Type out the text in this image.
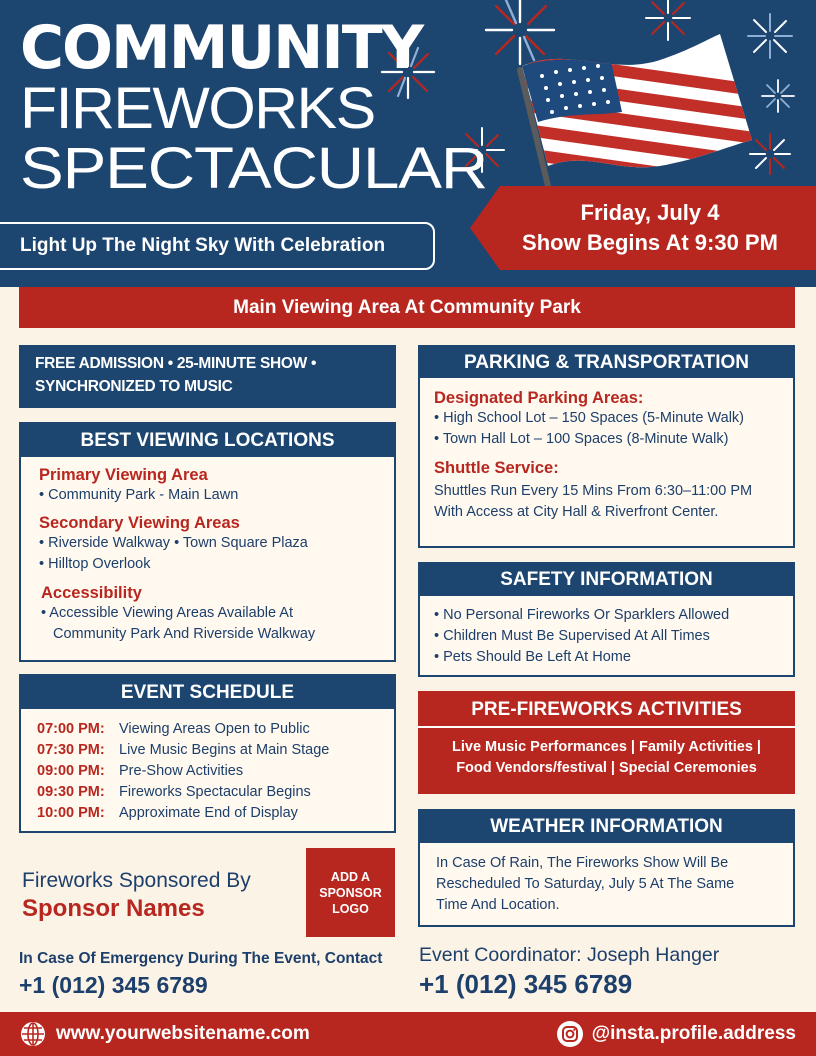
COMMUNITY
FIREWORKS
SPECTACULAR
Light Up The Night Sky With Celebration
Friday, July 4
Show Begins At 9:30 PM
Main Viewing Area At Community Park
FREE ADMISSION • 25-MINUTE SHOW •
SYNCHRONIZED TO MUSIC
BEST VIEWING LOCATIONS
Primary Viewing Area
• Community Park - Main Lawn
Secondary Viewing Areas
• Riverside Walkway • Town Square Plaza
• Hilltop Overlook
Accessibility
• Accessible Viewing Areas Available At
Community Park And Riverside Walkway
EVENT SCHEDULE
07:00 PM: Viewing Areas Open to Public
07:30 PM: Live Music Begins at Main Stage
09:00 PM: Pre-Show Activities
09:30 PM: Fireworks Spectacular Begins
10:00 PM: Approximate End of Display
PARKING & TRANSPORTATION
Designated Parking Areas:
• High School Lot – 150 Spaces (5-Minute Walk)
• Town Hall Lot – 100 Spaces (8-Minute Walk)
Shuttle Service:
Shuttles Run Every 15 Mins From 6:30–11:00 PM
With Access at City Hall & Riverfront Center.
SAFETY INFORMATION
• No Personal Fireworks Or Sparklers Allowed
• Children Must Be Supervised At All Times
• Pets Should Be Left At Home
PRE-FIREWORKS ACTIVITIES
Live Music Performances | Family Activities |
Food Vendors/festival | Special Ceremonies
WEATHER INFORMATION
In Case Of Rain, The Fireworks Show Will Be
Rescheduled To Saturday, July 5 At The Same
Time And Location.
Fireworks Sponsored By
Sponsor Names
ADD A
SPONSOR
LOGO
In Case Of Emergency During The Event, Contact
+1 (012) 345 6789
Event Coordinator: Joseph Hanger
+1 (012) 345 6789
www.yourwebsitename.com	@insta.profile.address
